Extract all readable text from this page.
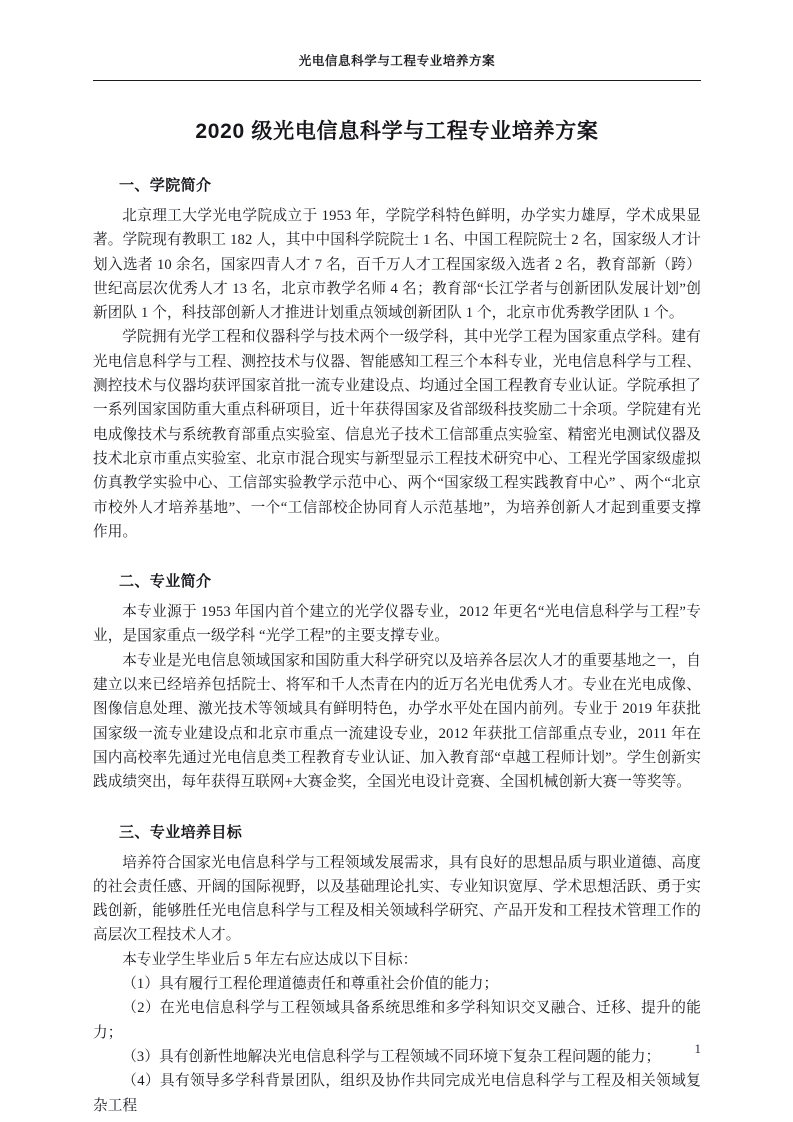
光电信息科学与工程专业培养方案
2020 级光电信息科学与工程专业培养方案
一、学院简介

北京理工大学光电学院成立于 1953 年，学院学科特色鲜明，办学实力雄厚，学术成果显著。学院现有教职工 182 人，其中中国科学院院士 1 名、中国工程院院士 2 名，国家级人才计划入选者 10 余名，国家四青人才 7 名，百千万人才工程国家级入选者 2 名，教育部新（跨）世纪高层次优秀人才 13 名，北京市教学名师 4 名；教育部“长江学者与创新团队发展计划”创新团队 1 个，科技部创新人才推进计划重点领域创新团队 1 个，北京市优秀教学团队 1 个。

学院拥有光学工程和仪器科学与技术两个一级学科，其中光学工程为国家重点学科。建有光电信息科学与工程、测控技术与仪器、智能感知工程三个本科专业，光电信息科学与工程、测控技术与仪器均获评国家首批一流专业建设点、均通过全国工程教育专业认证。学院承担了一系列国家国防重大重点科研项目，近十年获得国家及省部级科技奖励二十余项。学院建有光电成像技术与系统教育部重点实验室、信息光子技术工信部重点实验室、精密光电测试仪器及技术北京市重点实验室、北京市混合现实与新型显示工程技术研究中心、工程光学国家级虚拟仿真教学实验中心、工信部实验教学示范中心、两个“国家级工程实践教育中心” 、两个“北京市校外人才培养基地”、一个“工信部校企协同育人示范基地”，为培养创新人才起到重要支撑作用。

二、专业简介

本专业源于 1953 年国内首个建立的光学仪器专业，2012 年更名“光电信息科学与工程”专业，是国家重点一级学科 “光学工程”的主要支撑专业。

本专业是光电信息领域国家和国防重大科学研究以及培养各层次人才的重要基地之一，自建立以来已经培养包括院士、将军和千人杰青在内的近万名光电优秀人才。专业在光电成像、图像信息处理、激光技术等领域具有鲜明特色，办学水平处在国内前列。专业于 2019 年获批国家级一流专业建设点和北京市重点一流建设专业，2012 年获批工信部重点专业，2011 年在国内高校率先通过光电信息类工程教育专业认证、加入教育部“卓越工程师计划”。学生创新实践成绩突出，每年获得互联网+大赛金奖，全国光电设计竞赛、全国机械创新大赛一等奖等。

三、专业培养目标

培养符合国家光电信息科学与工程领域发展需求，具有良好的思想品质与职业道德、高度的社会责任感、开阔的国际视野，以及基础理论扎实、专业知识宽厚、学术思想活跃、勇于实践创新，能够胜任光电信息科学与工程及相关领域科学研究、产品开发和工程技术管理工作的高层次工程技术人才。

本专业学生毕业后 5 年左右应达成以下目标：

（1）具有履行工程伦理道德责任和尊重社会价值的能力；
（2）在光电信息科学与工程领域具备系统思维和多学科知识交叉融合、迁移、提升的能力；
（3）具有创新性地解决光电信息科学与工程领域不同环境下复杂工程问题的能力；
（4）具有领导多学科背景团队，组织及协作共同完成光电信息科学与工程及相关领域复杂工程
1
